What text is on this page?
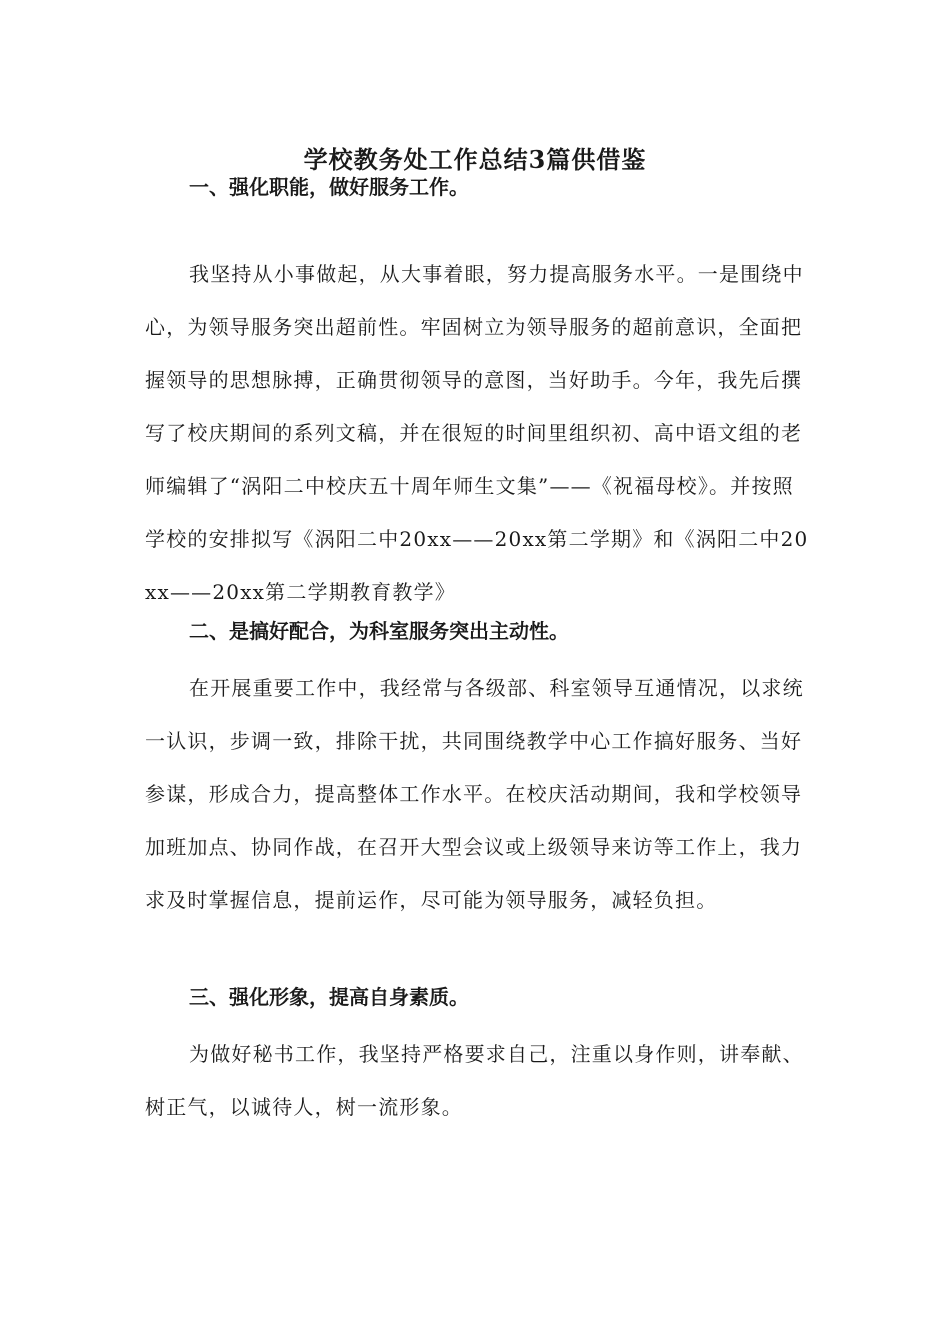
学校教务处工作总结3篇供借鉴
一、强化职能，做好服务工作。

我坚持从小事做起，从大事着眼，努力提高服务水平。一是围绕中心，为领导服务突出超前性。牢固树立为领导服务的超前意识，全面把握领导的思想脉搏，正确贯彻领导的意图，当好助手。今年，我先后撰写了校庆期间的系列文稿，并在很短的时间里组织初、高中语文组的老师编辑了“涡阳二中校庆五十周年师生文集”——《祝福母校》。并按照学校的安排拟写《涡阳二中20xx——20xx第二学期》和《涡阳二中20xx——20xx第二学期教育教学》

二、是搞好配合，为科室服务突出主动性。

在开展重要工作中，我经常与各级部、科室领导互通情况，以求统一认识，步调一致，排除干扰，共同围绕教学中心工作搞好服务、当好参谋，形成合力，提高整体工作水平。在校庆活动期间，我和学校领导加班加点、协同作战，在召开大型会议或上级领导来访等工作上，我力求及时掌握信息，提前运作，尽可能为领导服务，减轻负担。

三、强化形象，提高自身素质。

为做好秘书工作，我坚持严格要求自己，注重以身作则，讲奉献、树正气，以诚待人，树一流形象。
